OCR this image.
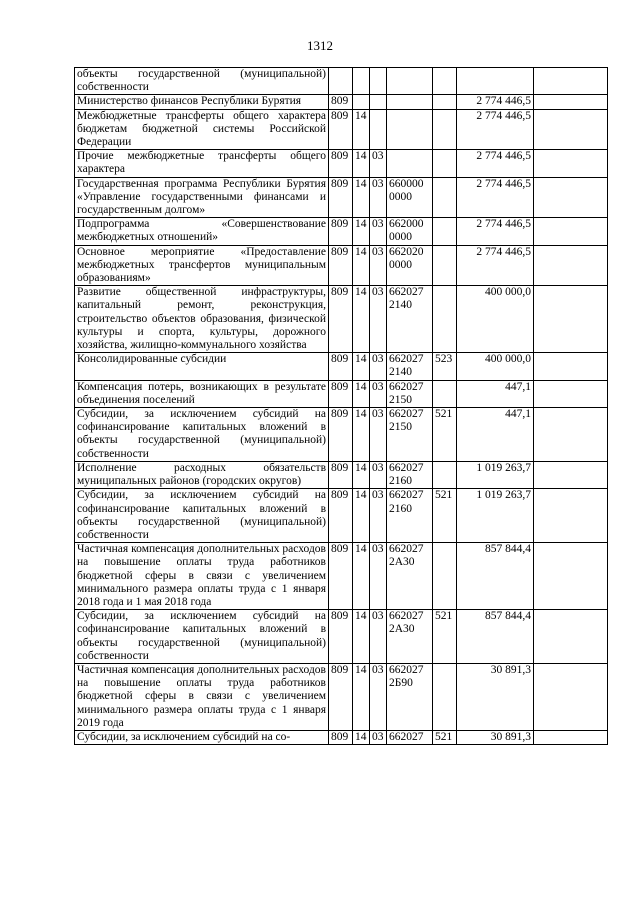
1312
объекты государственной (муниципальной) собственности							
Министерство финансов Республики Бурятия	809					2 774 446,5	
Межбюджетные трансферты общего характера бюджетам бюджетной системы Российской Федерации	809	14				2 774 446,5	
Прочие межбюджетные трансферты общего характера	809	14	03			2 774 446,5	
Государственная программа Республики Бурятия «Управление государственными финансами и государственным долгом»	809	14	03	660000 0000		2 774 446,5	
Подпрограмма «Совершенствование межбюджетных отношений»	809	14	03	662000 0000		2 774 446,5	
Основное мероприятие «Предоставление межбюджетных трансфертов муниципальным образованиям»	809	14	03	662020 0000		2 774 446,5	
Развитие общественной инфраструктуры, капитальный ремонт, реконструкция, строительство объектов образования, физической культуры и спорта, культуры, дорожного хозяйства, жилищно-коммунального хозяйства	809	14	03	662027 2140		400 000,0	
Консолидированные субсидии	809	14	03	662027 2140	523	400 000,0	
Компенсация потерь, возникающих в результате объединения поселений	809	14	03	662027 2150		447,1	
Субсидии, за исключением субсидий на софинансирование капитальных вложений в объекты государственной (муниципальной) собственности	809	14	03	662027 2150	521	447,1	
Исполнение расходных обязательств муниципальных районов (городских округов)	809	14	03	662027 2160		1 019 263,7	
Субсидии, за исключением субсидий на софинансирование капитальных вложений в объекты государственной (муниципальной) собственности	809	14	03	662027 2160	521	1 019 263,7	
Частичная компенсация дополнительных расходов на повышение оплаты труда работников бюджетной сферы в связи с увеличением минимального размера оплаты труда с 1 января 2018 года и 1 мая 2018 года	809	14	03	662027 2А30		857 844,4	
Субсидии, за исключением субсидий на софинансирование капитальных вложений в объекты государственной (муниципальной) собственности	809	14	03	662027 2А30	521	857 844,4	
Частичная компенсация дополнительных расходов на повышение оплаты труда работников бюджетной сферы в связи с увеличением минимального размера оплаты труда с 1 января 2019 года	809	14	03	662027 2Б90		30 891,3	
Субсидии, за исключением субсидий на со-	809	14	03	662027	521	30 891,3	
